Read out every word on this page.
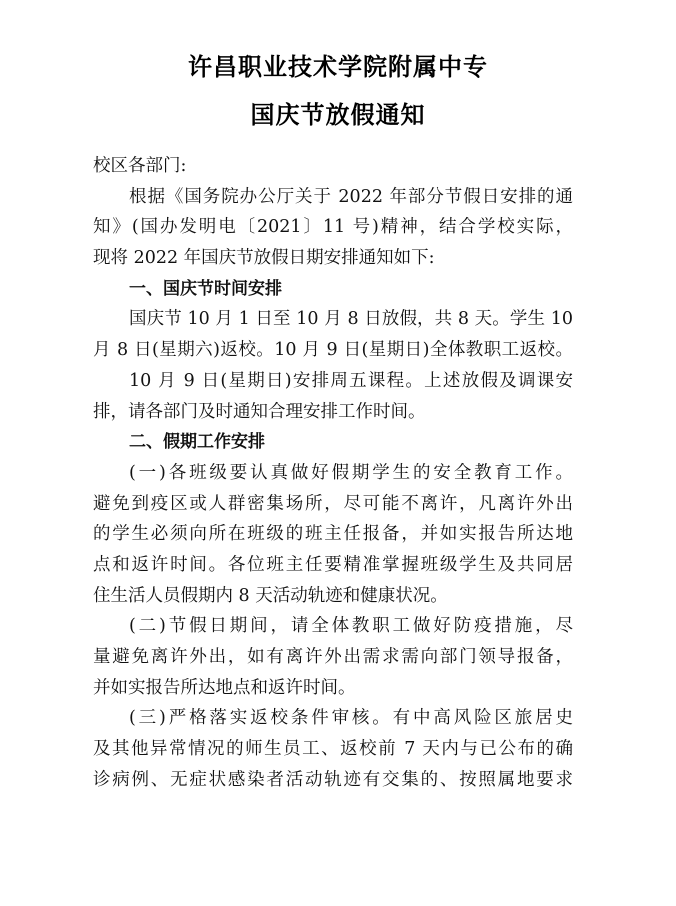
许昌职业技术学院附属中专
国庆节放假通知
校区各部门:
根据《国务院办公厅关于 2022 年部分节假日安排的通
知》(国办发明电〔2021〕11 号)精神，结合学校实际，
现将 2022 年国庆节放假日期安排通知如下:
一、国庆节时间安排
国庆节 10 月 1 日至 10 月 8 日放假，共 8 天。学生 10
月 8 日(星期六)返校。10 月 9 日(星期日)全体教职工返校。
10 月 9 日(星期日)安排周五课程。上述放假及调课安
排，请各部门及时通知合理安排工作时间。
二、假期工作安排
(一)各班级要认真做好假期学生的安全教育工作。
避免到疫区或人群密集场所，尽可能不离许，凡离许外出
的学生必须向所在班级的班主任报备，并如实报告所达地
点和返许时间。各位班主任要精准掌握班级学生及共同居
住生活人员假期内 8 天活动轨迹和健康状况。
(二)节假日期间，请全体教职工做好防疫措施，尽
量避免离许外出，如有离许外出需求需向部门领导报备，
并如实报告所达地点和返许时间。
(三)严格落实返校条件审核。有中高风险区旅居史
及其他异常情况的师生员工、返校前 7 天内与已公布的确
诊病例、无症状感染者活动轨迹有交集的、按照属地要求
